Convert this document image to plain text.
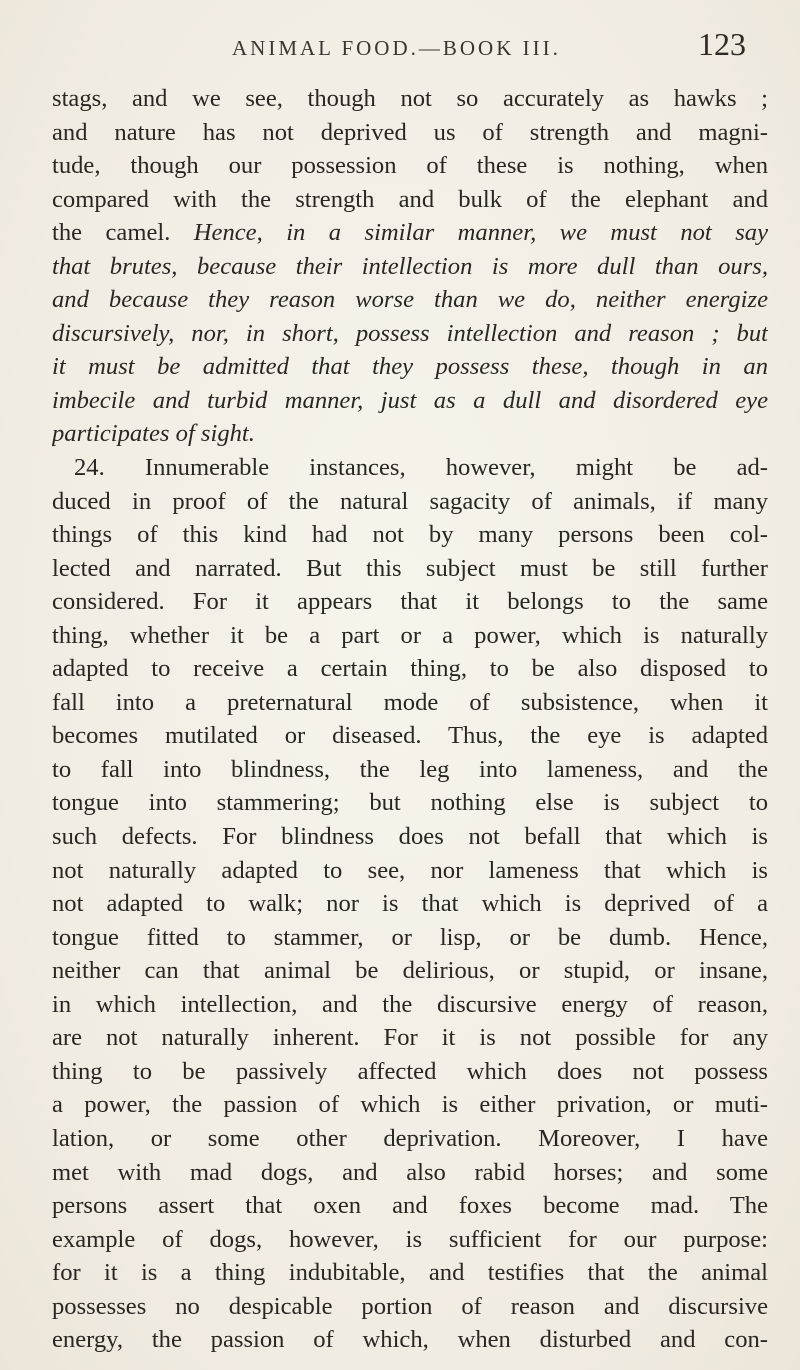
ANIMAL FOOD.—BOOK III.	123
stags, and we see, though not so accurately as hawks ;
and nature has not deprived us of strength and magni-
tude, though our possession of these is nothing, when
compared with the strength and bulk of the elephant and
the camel. Hence, in a similar manner, we must not say
that brutes, because their intellection is more dull than ours,
and because they reason worse than we do, neither energize
discursively, nor, in short, possess intellection and reason ; but
it must be admitted that they possess these, though in an
imbecile and turbid manner, just as a dull and disordered eye
participates of sight.
24. Innumerable instances, however, might be ad-
duced in proof of the natural sagacity of animals, if many
things of this kind had not by many persons been col-
lected and narrated. But this subject must be still further
considered. For it appears that it belongs to the same
thing, whether it be a part or a power, which is naturally
adapted to receive a certain thing, to be also disposed to
fall into a preternatural mode of subsistence, when it
becomes mutilated or diseased. Thus, the eye is adapted
to fall into blindness, the leg into lameness, and the
tongue into stammering; but nothing else is subject to
such defects. For blindness does not befall that which is
not naturally adapted to see, nor lameness that which is
not adapted to walk; nor is that which is deprived of a
tongue fitted to stammer, or lisp, or be dumb. Hence,
neither can that animal be delirious, or stupid, or insane,
in which intellection, and the discursive energy of reason,
are not naturally inherent. For it is not possible for any
thing to be passively affected which does not possess
a power, the passion of which is either privation, or muti-
lation, or some other deprivation. Moreover, I have
met with mad dogs, and also rabid horses; and some
persons assert that oxen and foxes become mad. The
example of dogs, however, is sufficient for our purpose:
for it is a thing indubitable, and testifies that the animal
possesses no despicable portion of reason and discursive
energy, the passion of which, when disturbed and con-
